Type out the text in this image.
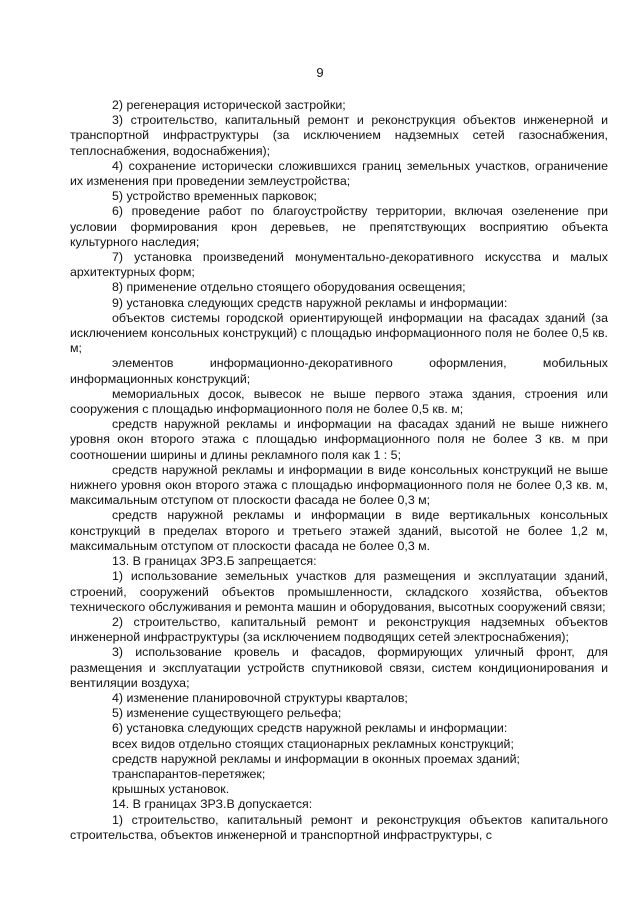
9

2) регенерация исторической застройки;

3) строительство, капитальный ремонт и реконструкция объектов инженерной и транспортной инфраструктуры (за исключением надземных сетей газоснабжения, теплоснабжения, водоснабжения);

4) сохранение исторически сложившихся границ земельных участков, ограничение их изменения при проведении землеустройства;

5) устройство временных парковок;

6) проведение работ по благоустройству территории, включая озеленение при условии формирования крон деревьев, не препятствующих восприятию объекта культурного наследия;

7) установка произведений монументально-декоративного искусства и малых архитектурных форм;

8) применение отдельно стоящего оборудования освещения;

9) установка следующих средств наружной рекламы и информации:

объектов системы городской ориентирующей информации на фасадах зданий (за исключением консольных конструкций) с площадью информационного поля не более 0,5 кв. м;

элементов информационно-декоративного оформления, мобильных информационных конструкций;

мемориальных досок, вывесок не выше первого этажа здания, строения или сооружения с площадью информационного поля не более 0,5 кв. м;

средств наружной рекламы и информации на фасадах зданий не выше нижнего уровня окон второго этажа с площадью информационного поля не более 3 кв. м при соотношении ширины и длины рекламного поля как 1 : 5;

средств наружной рекламы и информации в виде консольных конструкций не выше нижнего уровня окон второго этажа с площадью информационного поля не более 0,3 кв. м, максимальным отступом от плоскости фасада не более 0,3 м;

средств наружной рекламы и информации в виде вертикальных консольных конструкций в пределах второго и третьего этажей зданий, высотой не более 1,2 м, максимальным отступом от плоскости фасада не более 0,3 м.

13. В границах ЗРЗ.Б запрещается:

1) использование земельных участков для размещения и эксплуатации зданий, строений, сооружений объектов промышленности, складского хозяйства, объектов технического обслуживания и ремонта машин и оборудования, высотных сооружений связи;

2) строительство, капитальный ремонт и реконструкция надземных объектов инженерной инфраструктуры (за исключением подводящих сетей электроснабжения);

3) использование кровель и фасадов, формирующих уличный фронт, для размещения и эксплуатации устройств спутниковой связи, систем кондиционирования и вентиляции воздуха;

4) изменение планировочной структуры кварталов;

5) изменение существующего рельефа;

6) установка следующих средств наружной рекламы и информации:

всех видов отдельно стоящих стационарных рекламных конструкций;

средств наружной рекламы и информации в оконных проемах зданий;

транспарантов-перетяжек;

крышных установок.

14. В границах ЗРЗ.В допускается:

1) строительство, капитальный ремонт и реконструкция объектов капитального строительства, объектов инженерной и транспортной инфраструктуры, с
